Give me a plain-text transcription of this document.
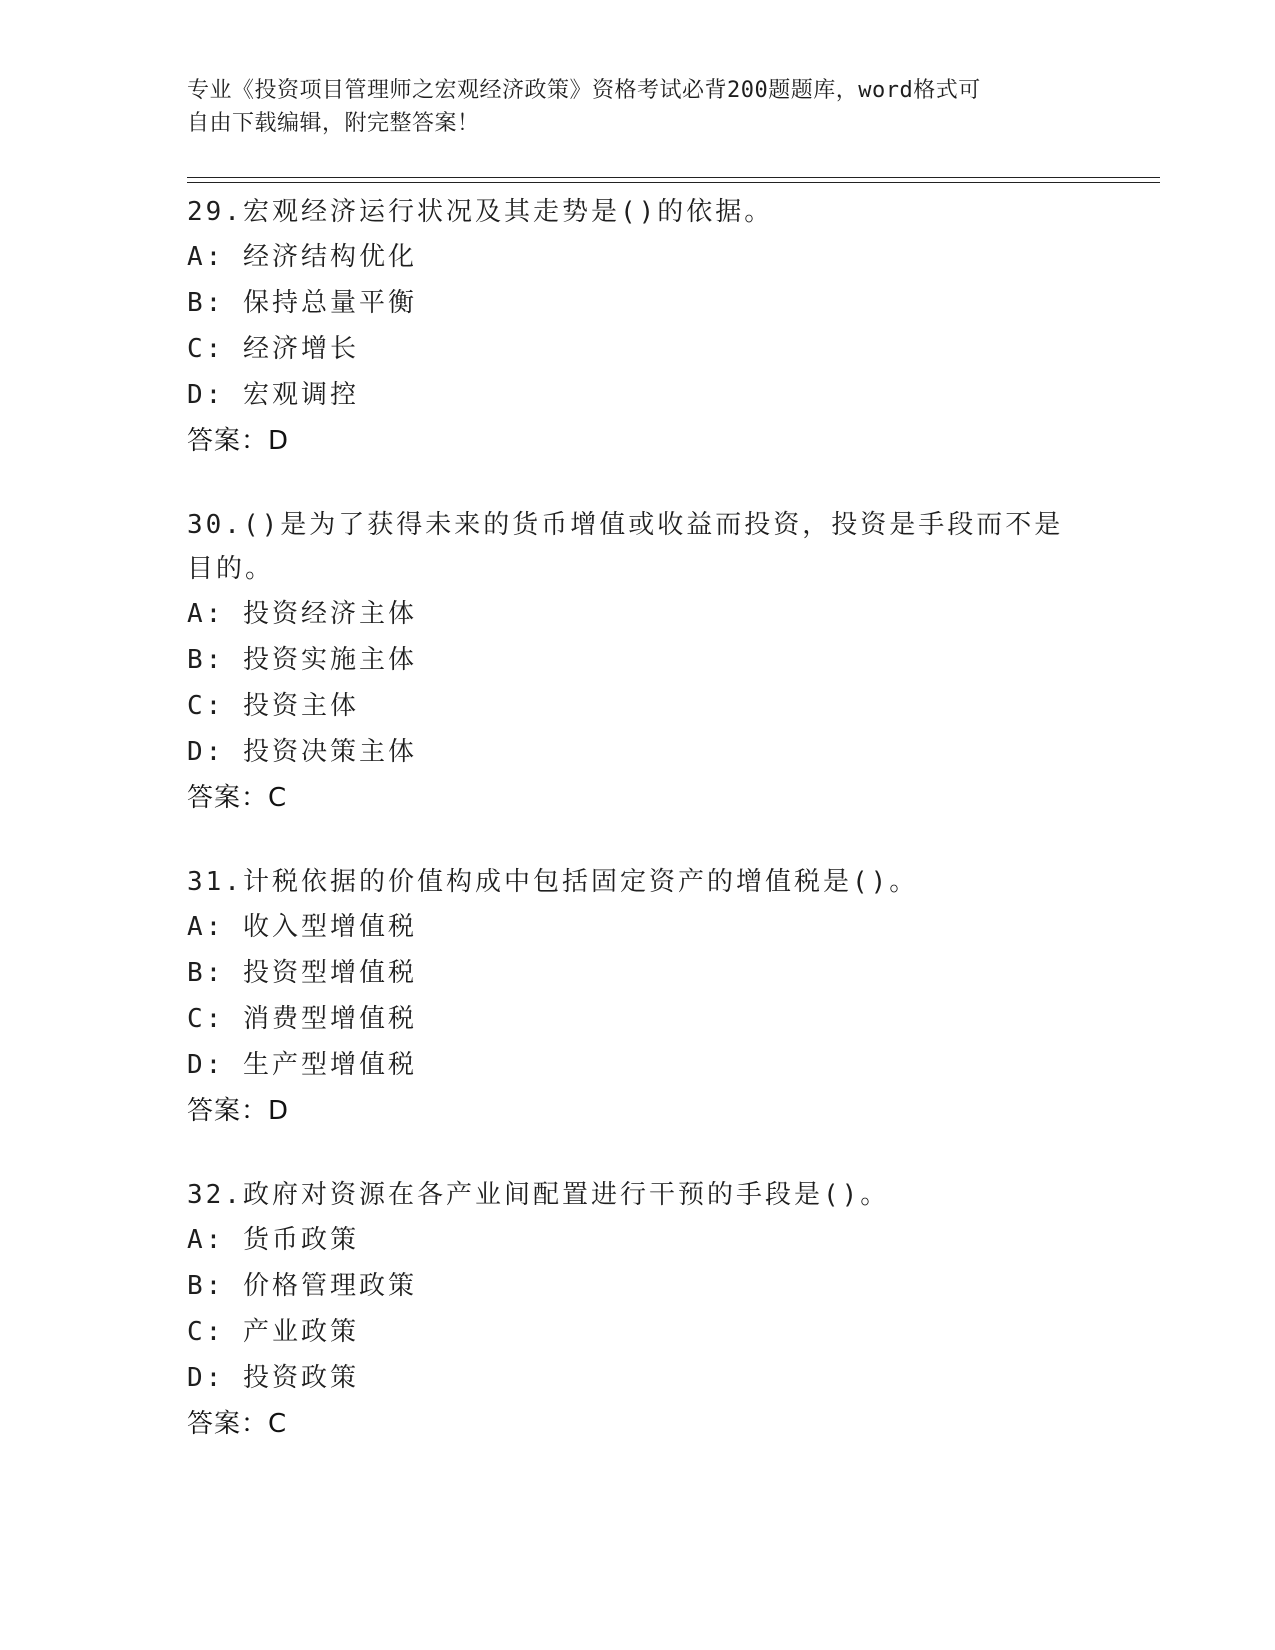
专业《投资项目管理师之宏观经济政策》资格考试必背200题题库，word格式可
自由下载编辑，附完整答案！
29.宏观经济运行状况及其走势是()的依据。
A: 经济结构优化
B: 保持总量平衡
C: 经济增长
D: 宏观调控
答案：D
30.()是为了获得未来的货币增值或收益而投资，投资是手段而不是目的。
A: 投资经济主体
B: 投资实施主体
C: 投资主体
D: 投资决策主体
答案：C
31.计税依据的价值构成中包括固定资产的增值税是()。
A: 收入型增值税
B: 投资型增值税
C: 消费型增值税
D: 生产型增值税
答案：D
32.政府对资源在各产业间配置进行干预的手段是()。
A: 货币政策
B: 价格管理政策
C: 产业政策
D: 投资政策
答案：C
